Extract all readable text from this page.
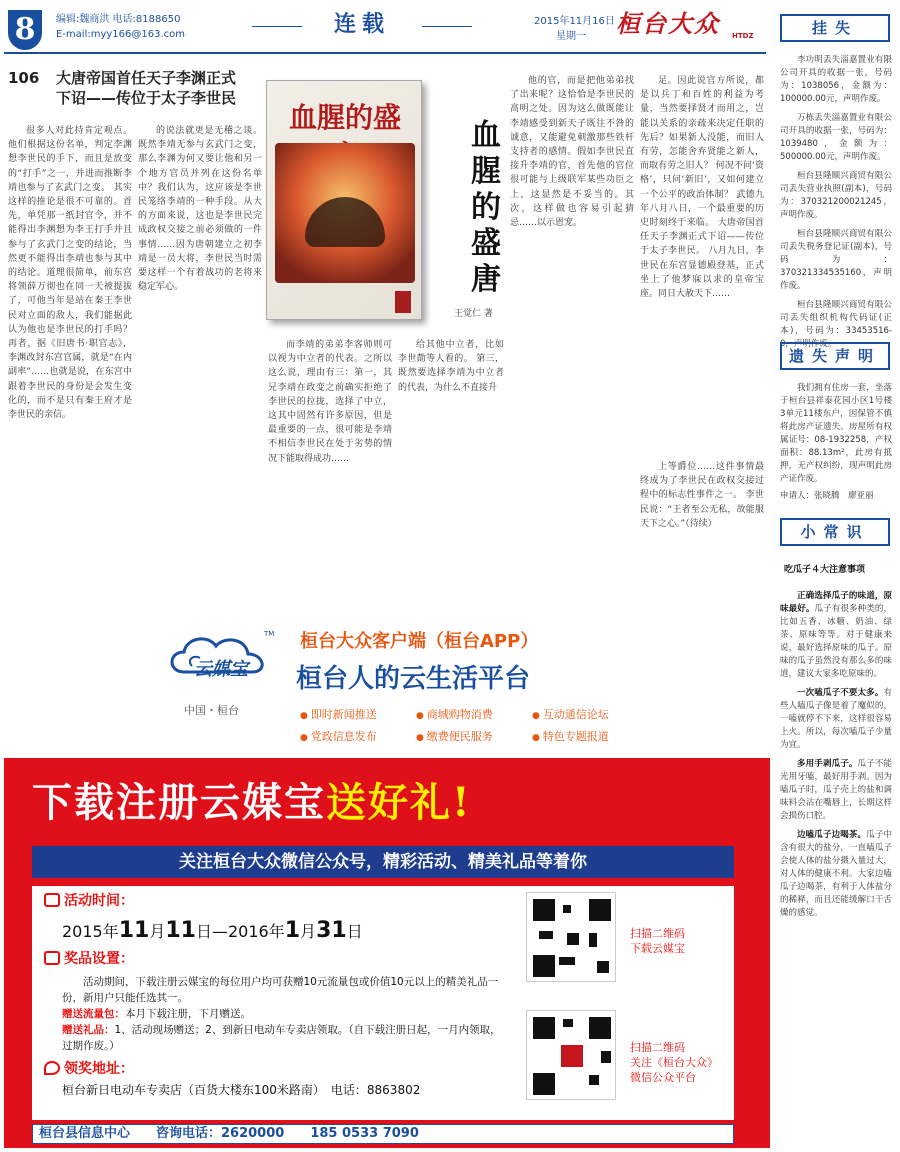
8	编辑:魏商洪 电话:8188650
E-mail:myy166@163.com	连载	2015年11月16日
星期一	桓台大众 HTDZ
106 大唐帝国首任天子李渊正式
下诏——传位于太子李世民
很多人对此持肯定观点。他们根据这份名单，判定李渊想李世民的手下，而且是放变的“打手”之一，并进而推断李靖也参与了玄武门之变。 其实这样的推论是很不可靠的。首先，单凭那一纸封官令，并不能得出李渊想为李王打手并且参与了玄武门之变的结论，当然更不能得出李靖也参与其中的结论。道理很简单，前东宫将领薛万彻也在同一天被提拔了，可他当年是站在秦王李世民对立面的敌人，我们能据此认为他也是李世民的打手吗？ 再者，据《旧唐书·职官志》，李渊改封东宫官属，就是“在内副率”……也就是说，在东宫中跟着李世民的身份是会发生变化的，而不是只有秦王府才是李世民的亲信。
的说法就更是无稽之谈。 既然李靖无参与玄武门之变，那么李渊为何又要让他和另一个地方官员并列在这份名单中？我们认为，这应该是李世民笼络李靖的一种手段。从大的方面来说，这也是李世民完成政权交接之前必须做的一件事情……因为唐朝建立之初李靖是一员大将，李世民当时需要这样一个有着战功的老将来稳定军心。
血腥的盛
血
腥
的
盛
唐
王觉仁 著
而李靖的弟弟李客师则可以视为中立者的代表。之所以这么说，理由有三：第一，其兄李靖在政变之前确实拒绝了李世民的拉拢，选择了中立，这其中固然有许多原因，但是最重要的一点，很可能是李靖不相信李世民在处于劣势的情况下能取得成功……
给其他中立者，比如李世勣等人看的。 第三，既然要选择李靖为中立者的代表，为什么不直接升
他的官，而是把他弟弟找了出来呢？这恰恰是李世民的高明之处。因为这么做既能让李靖感受到新天子既往不咎的诚意，又能避免刺激那些铁杆支持者的感情。假如李世民直接升李靖的官，首先他的官位很可能与上级联军某些功臣之上，这显然是不妥当的。其次，这样做也容易引起猜忌……以示恩宠。
足。因此说官方所说，都是以兵丁和百姓的利益为考量，当然要择贤才而用之，岂能以关系的亲疏来决定任职的先后？如果新人没能，而旧人有劳，怎能舍弃贤能之新人，而取有劳之旧人？ 何况不问‘资格’，只问‘新旧’，又如何建立一个公平的政治体制？ 武德九年八月八日，一个最重要的历史时刻终于来临。 大唐帝国首任天子李渊正式下诏——传位于太子李世民。 八月九日，李世民在东宫显德殿登基，正式坐上了他梦寐以求的皇帝宝座。同日大赦天下……
上等爵位……这件事情最终成为了李世民在政权交接过程中的标志性事件之一。 李世民说：“王者至公无私，故能服天下之心。”（待续）
挂失

李功明丢失淄嘉置业有限公司开具的收据一张，号码为：1038056，金额为：100000.00元，声明作废。

万栋丢失淄嘉置业有限公司开具的收据一张，号码为：1039480，金额为：500000.00元，声明作废。

桓台县隆顺兴商贸有限公司丢失营业执照(副本)，号码为：370321200021245，声明作废。

桓台县隆顺兴商贸有限公司丢失税务登记证(副本)，号码为：370321334535160，声明作废。

桓台县隆顺兴商贸有限公司丢失组织机构代码证(正本)，号码为：33453516-0，声明作废。

遗失声明

我们拥有住房一套，坐落于桓台县祥泰花园小区1号楼3单元11楼东户，因保管不慎将此房产证遗失。房屋所有权属证号：08-1932258，产权面积：88.13m²，此房有抵押，无产权纠纷，现声明此房产证作废。

申请人：张晓腾　廖亚丽
小常识
吃瓜子４大注意事项

正确选择瓜子的味道，原味最好。瓜子有很多种类的，比如五香、冰糖、奶油、绿茶、原味等等。对于健康来说，最好选择原味的瓜子。原味的瓜子虽然没有那么多的味道，建议大家多吃原味的。

一次嗑瓜子不要太多。有些人嗑瓜子像是着了魔似的，一嗑就停不下来，这样很容易上火。所以，每次嗑瓜子少量为宜。

多用手剥瓜子。瓜子不能光用牙嗑，最好用手剥。因为嗑瓜子时，瓜子壳上的盐和调味料会沾在嘴唇上，长期这样会损伤口腔。

边嗑瓜子边喝茶。瓜子中含有很大的盐分，一直嗑瓜子会使人体的盐分摄入量过大，对人体的健康不利。大家边嗑瓜子边喝茶，有利于人体盐分的稀释，而且还能缓解口干舌燥的感觉。

云媒宝
TM
中国・桓台
桓台大众客户端（桓台APP）
桓台人的云生活平台
● 即时新闻推送	● 商城购物消费	● 互动通信论坛
● 党政信息发布	● 缴费便民服务	● 特色专题报道
下载注册云媒宝送好礼!
关注桓台大众微信公众号，精彩活动、精美礼品等着你
活动时间：
2015年11月11日—2016年1月31日
奖品设置：
活动期间，下载注册云媒宝的每位用户均可获赠10元流量包或价值10元以上的精美礼品一份，新用户只能任选其一。
赠送流量包：本月下载注册，下月赠送。
赠送礼品：1、活动现场赠送；2、到新日电动车专卖店领取。（自下载注册日起，一月内领取，过期作废。）
领奖地址：
桓台新日电动车专卖店（百货大楼东100米路南）　电话：8863802
扫描二维码
下载云媒宝
扫描二维码
关注《桓台大众》
微信公众平台
桓台县信息中心　　咨询电话：2620000　　185 0533 7090
